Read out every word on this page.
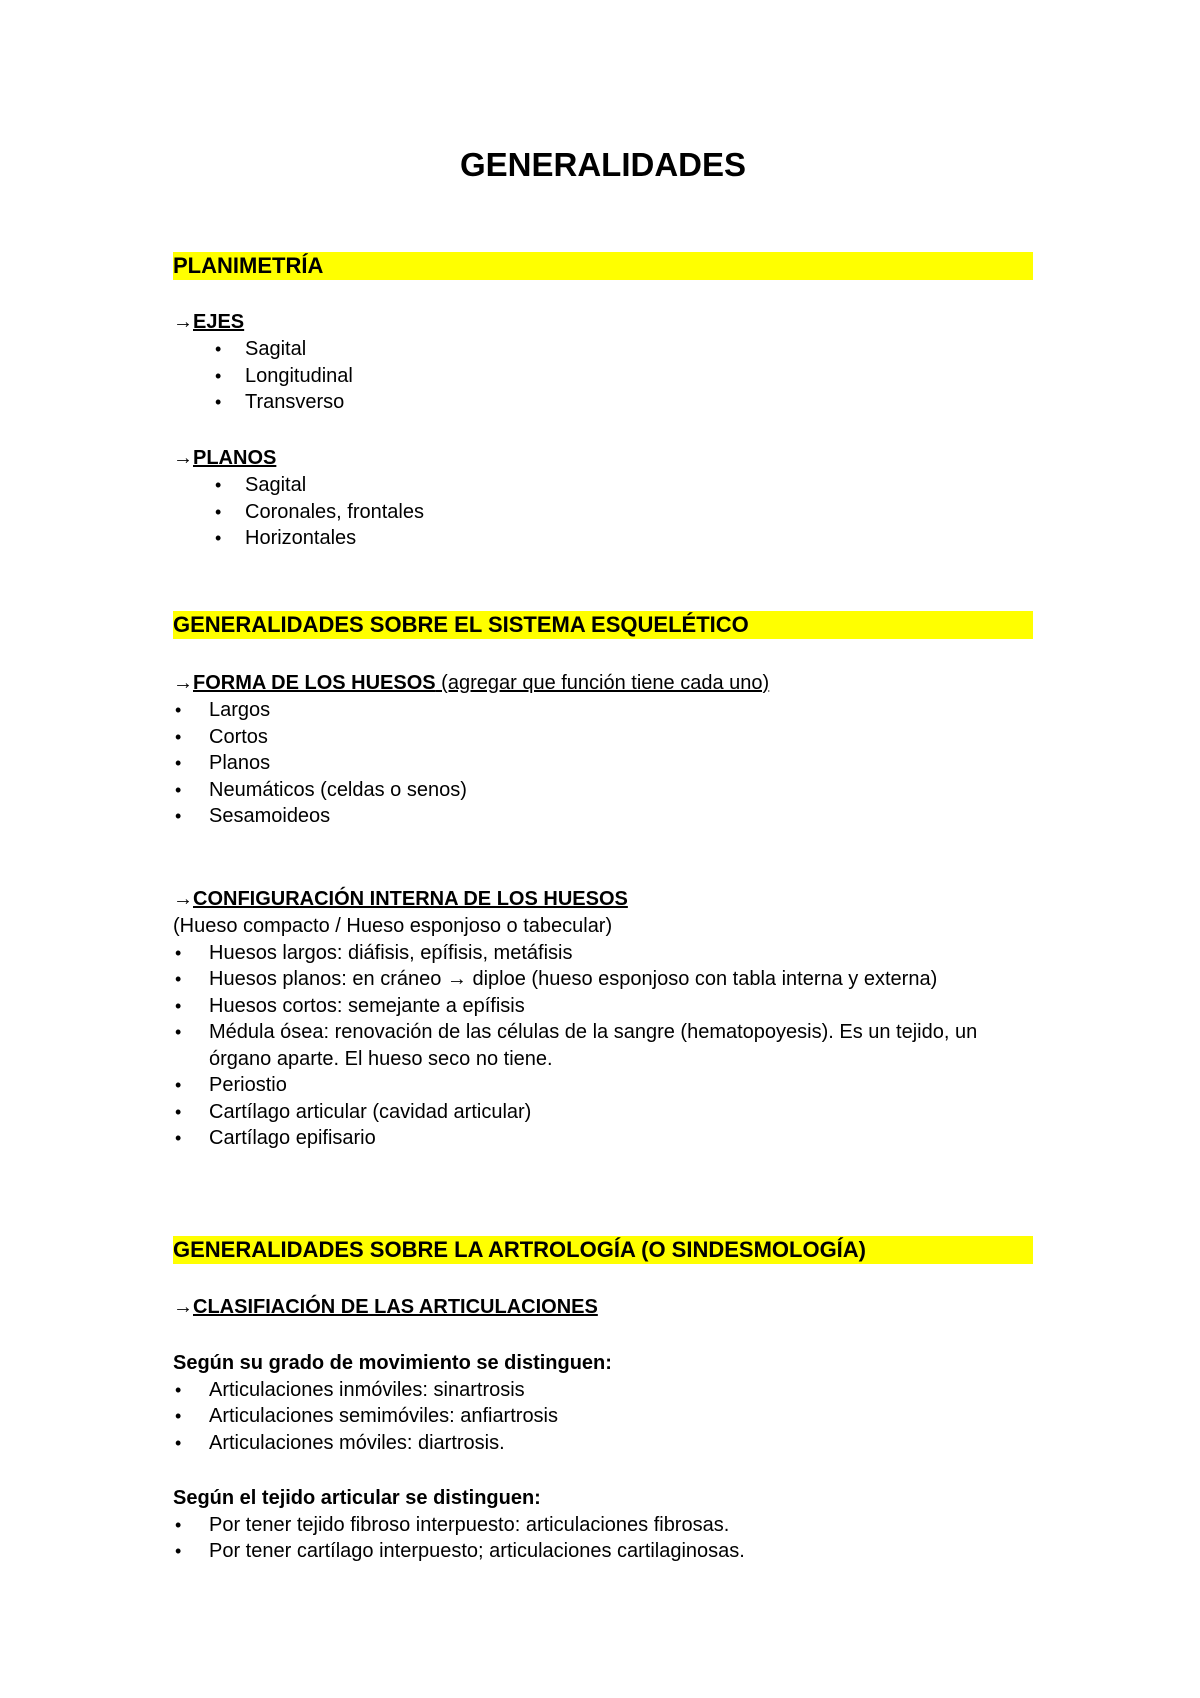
GENERALIDADES
PLANIMETRÍA
→EJES
• Sagital
• Longitudinal
• Transverso
→PLANOS
• Sagital
• Coronales, frontales
• Horizontales
GENERALIDADES SOBRE EL SISTEMA ESQUELÉTICO
→FORMA DE LOS HUESOS (agregar que función tiene cada uno)
• Largos
• Cortos
• Planos
• Neumáticos (celdas o senos)
• Sesamoideos
→CONFIGURACIÓN INTERNA DE LOS HUESOS
(Hueso compacto / Hueso esponjoso o tabecular)
• Huesos largos: diáfisis, epífisis, metáfisis
• Huesos planos: en cráneo → diploe (hueso esponjoso con tabla interna y externa)
• Huesos cortos: semejante a epífisis
• Médula ósea: renovación de las células de la sangre (hematopoyesis). Es un tejido, un órgano aparte. El hueso seco no tiene.
• Periostio
• Cartílago articular (cavidad articular)
• Cartílago epifisario
GENERALIDADES SOBRE LA ARTROLOGÍA (O SINDESMOLOGÍA)
→CLASIFIACIÓN DE LAS ARTICULACIONES
Según su grado de movimiento se distinguen:
• Articulaciones inmóviles: sinartrosis
• Articulaciones semimóviles: anfiartrosis
• Articulaciones móviles: diartrosis.
Según el tejido articular se distinguen:
• Por tener tejido fibroso interpuesto: articulaciones fibrosas.
• Por tener cartílago interpuesto; articulaciones cartilaginosas.
